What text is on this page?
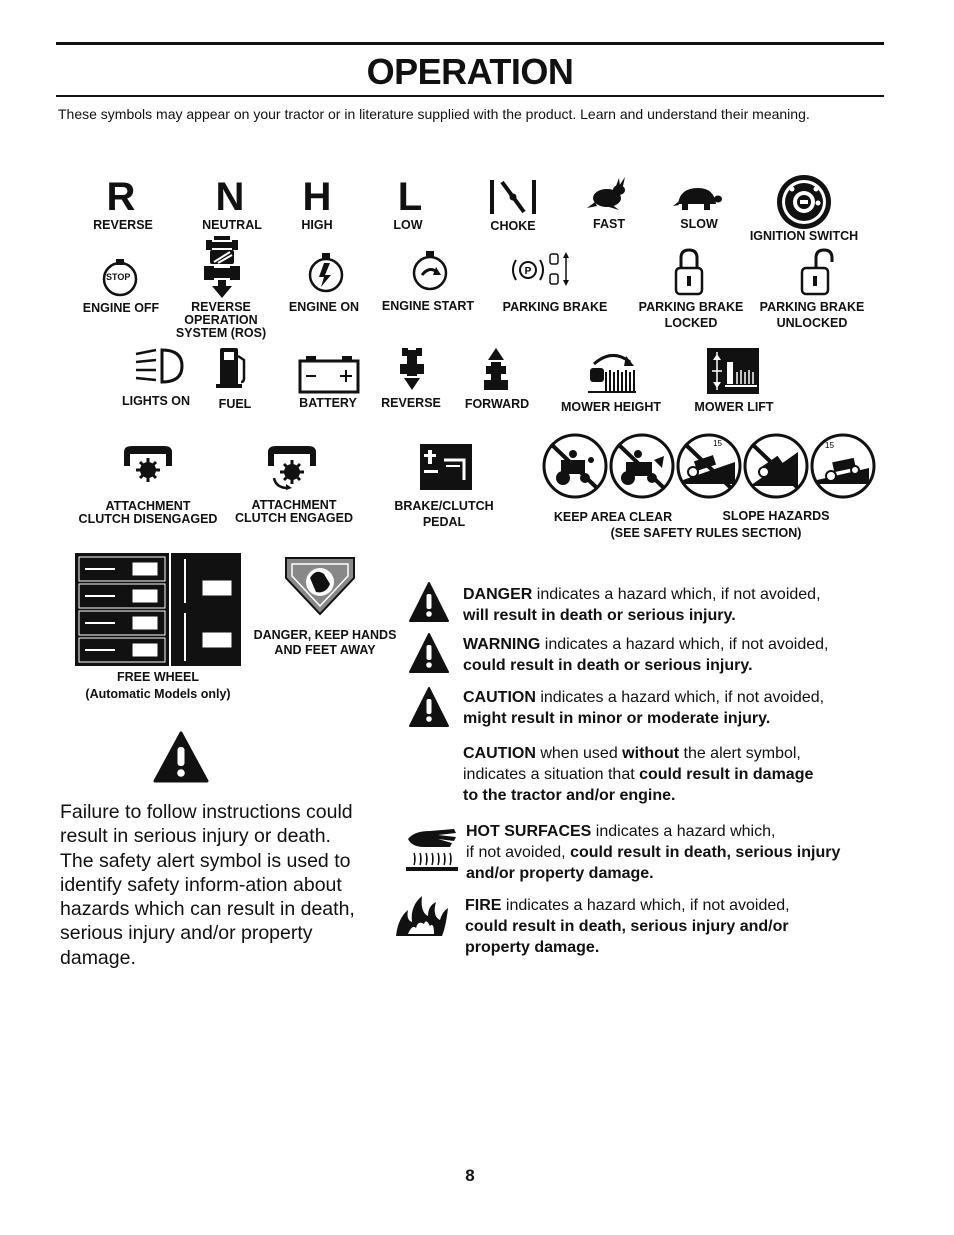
OPERATION
These symbols may appear on your tractor or in literature supplied with the product. Learn and understand their meaning.
R N H L
REVERSE	NEUTRAL	HIGH	LOW	CHOKE	FAST	SLOW
IGNITION SWITCH
STOP
ENGINE OFF	REVERSE
OPERATION
SYSTEM (ROS)
ENGINE ON ENGINE START
P
PARKING BRAKE	PARKING BRAKE
LOCKED
PARKING BRAKE
UNLOCKED
LIGHTS ON FUEL	BATTERY REVERSE FORWARD	MOWER HEIGHT	MOWER LIFT
ATTACHMENT
CLUTCH DISENGAGED
ATTACHMENT
CLUTCH ENGAGED
BRAKE/CLUTCH
PEDAL
15	15
KEEP AREA CLEAR	SLOPE HAZARDS
(SEE SAFETY RULES SECTION)
FREE WHEEL
(Automatic Models only)
DANGER, KEEP HANDS
AND FEET AWAY
DANGER indicates a hazard which, if not avoided,
will result in death or serious injury.
WARNING indicates a hazard which, if not avoided,
could result in death or serious injury.
CAUTION indicates a hazard which, if not avoided,
might result in minor or moderate injury.
CAUTION when used without the alert symbol,
indicates a situation that could result in damage
to the tractor and/or engine.
Failure to follow instructions could result in serious injury or death. The safety alert symbol is used to identify safety inform-ation about hazards which can result in death, serious injury and/or property damage.
HOT SURFACES indicates a hazard which,
if not avoided, could result in death, serious injury
and/or property damage.
FIRE indicates a hazard which, if not avoided,
could result in death, serious injury and/or
property damage.
8
